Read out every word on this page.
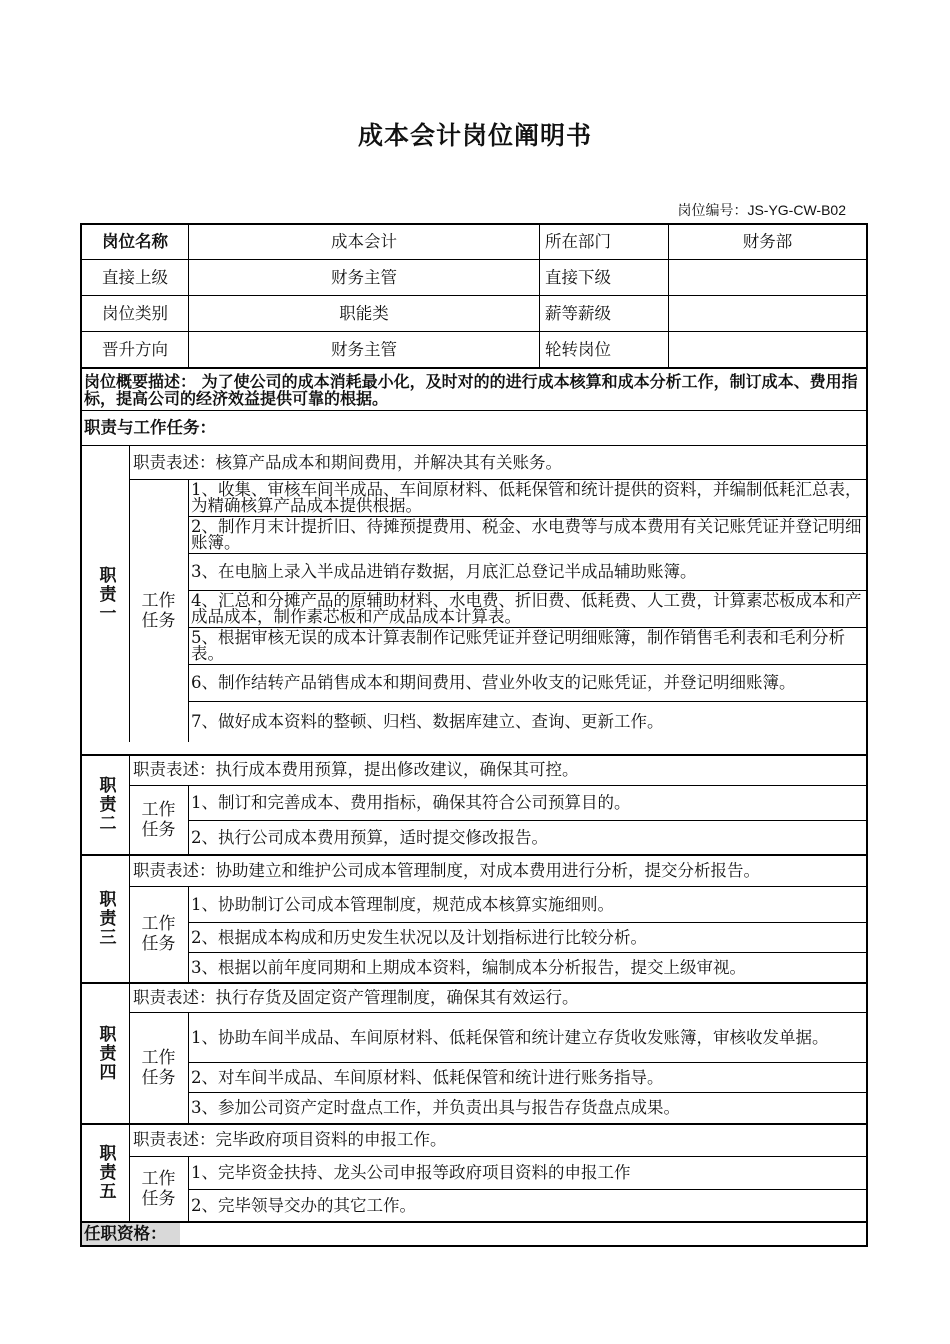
成本会计岗位阐明书
岗位编号：JS-YG-CW-B02
岗位名称	成本会计	所在部门	财务部
直接上级	财务主管	直接下级
岗位类别	职能类	薪等薪级
晋升方向	财务主管	轮转岗位
岗位概要描述： 为了使公司的成本消耗最小化，及时对的的进行成本核算和成本分析工作，制订成本、费用指标，提高公司的经济效益提供可靠的根据。
职责与工作任务：
职责一
职责表述：核算产品成本和期间费用，并解决其有关账务。
工作任务
1、收集、审核车间半成品、车间原材料、低耗保管和统计提供的资料，并编制低耗汇总表，为精确核算产品成本提供根据。
2、制作月末计提折旧、待摊预提费用、税金、水电费等与成本费用有关记账凭证并登记明细账簿。
3、在电脑上录入半成品进销存数据，月底汇总登记半成品辅助账簿。
4、汇总和分摊产品的原辅助材料、水电费、折旧费、低耗费、人工费，计算素芯板成本和产成品成本，制作素芯板和产成品成本计算表。
5、根据审核无误的成本计算表制作记账凭证并登记明细账簿，制作销售毛利表和毛利分析表。
6、制作结转产品销售成本和期间费用、营业外收支的记账凭证，并登记明细账簿。
7、做好成本资料的整顿、归档、数据库建立、查询、更新工作。
职责二
职责表述：执行成本费用预算，提出修改建议，确保其可控。
工作任务
1、制订和完善成本、费用指标，确保其符合公司预算目的。
2、执行公司成本费用预算，适时提交修改报告。
职责三
职责表述：协助建立和维护公司成本管理制度，对成本费用进行分析，提交分析报告。
工作任务
1、协助制订公司成本管理制度，规范成本核算实施细则。
2、根据成本构成和历史发生状况以及计划指标进行比较分析。
3、根据以前年度同期和上期成本资料，编制成本分析报告，提交上级审视。
职责四
职责表述：执行存货及固定资产管理制度，确保其有效运行。
工作任务
1、协助车间半成品、车间原材料、低耗保管和统计建立存货收发账簿，审核收发单据。
2、对车间半成品、车间原材料、低耗保管和统计进行账务指导。
3、参加公司资产定时盘点工作，并负责出具与报告存货盘点成果。
职责五
职责表述：完毕政府项目资料的申报工作。
工作任务
1、完毕资金扶持、龙头公司申报等政府项目资料的申报工作
2、完毕领导交办的其它工作。
任职资格：
